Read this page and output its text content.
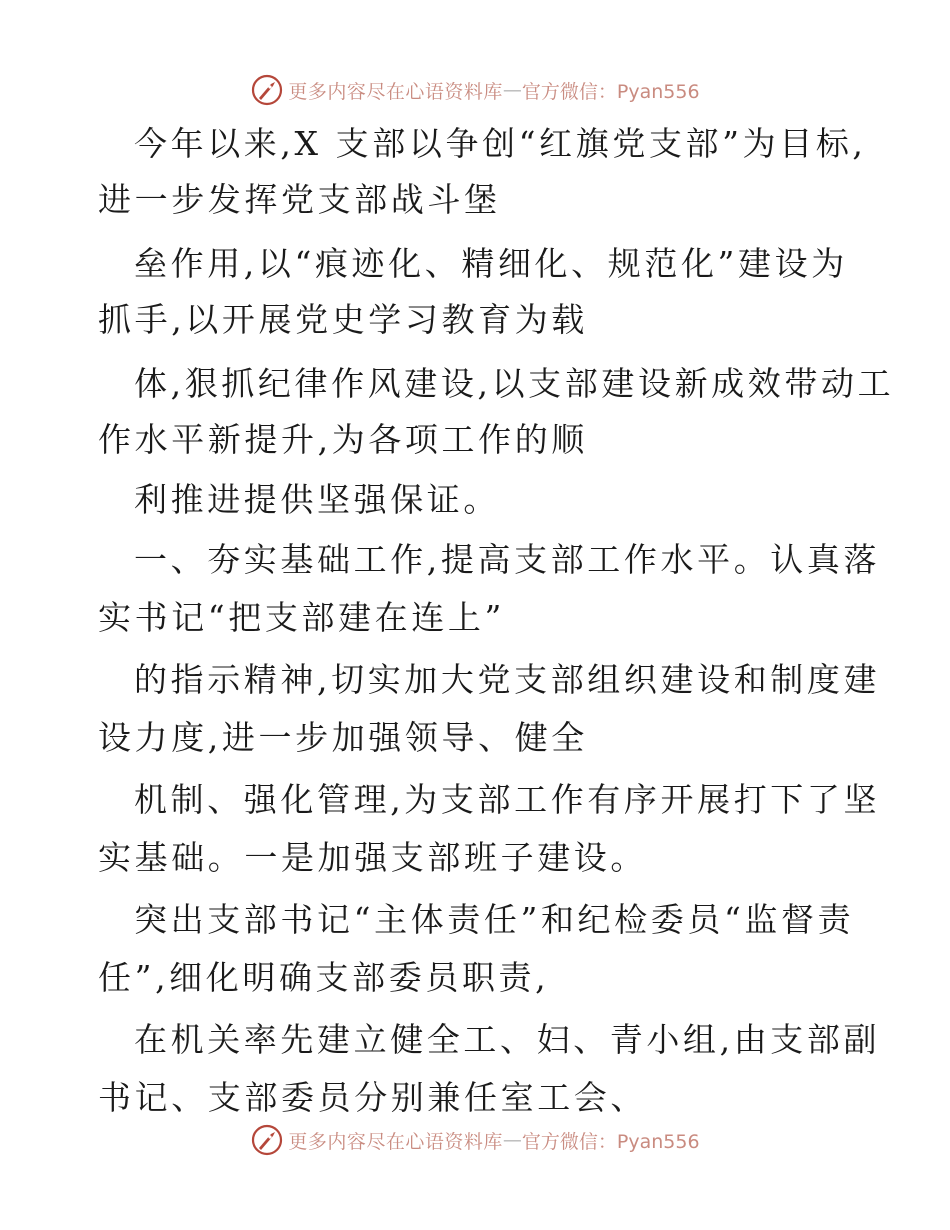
更多内容尽在心语资料库 — 官方微信：Pyan556
今年以来,X 支部以争创“红旗党支部”为目标,
进一步发挥党支部战斗堡
垒作用,以“痕迹化、精细化、规范化”建设为
抓手,以开展党史学习教育为载
体,狠抓纪律作风建设,以支部建设新成效带动工
作水平新提升,为各项工作的顺
利推进提供坚强保证。
一、夯实基础工作,提高支部工作水平。认真落
实书记“把支部建在连上”
的指示精神,切实加大党支部组织建设和制度建
设力度,进一步加强领导、健全
机制、强化管理,为支部工作有序开展打下了坚
实基础。一是加强支部班子建设。
突出支部书记“主体责任”和纪检委员“监督责
任”,细化明确支部委员职责,
在机关率先建立健全工、妇、青小组,由支部副
书记、支部委员分别兼任室工会、
更多内容尽在心语资料库 — 官方微信：Pyan556
